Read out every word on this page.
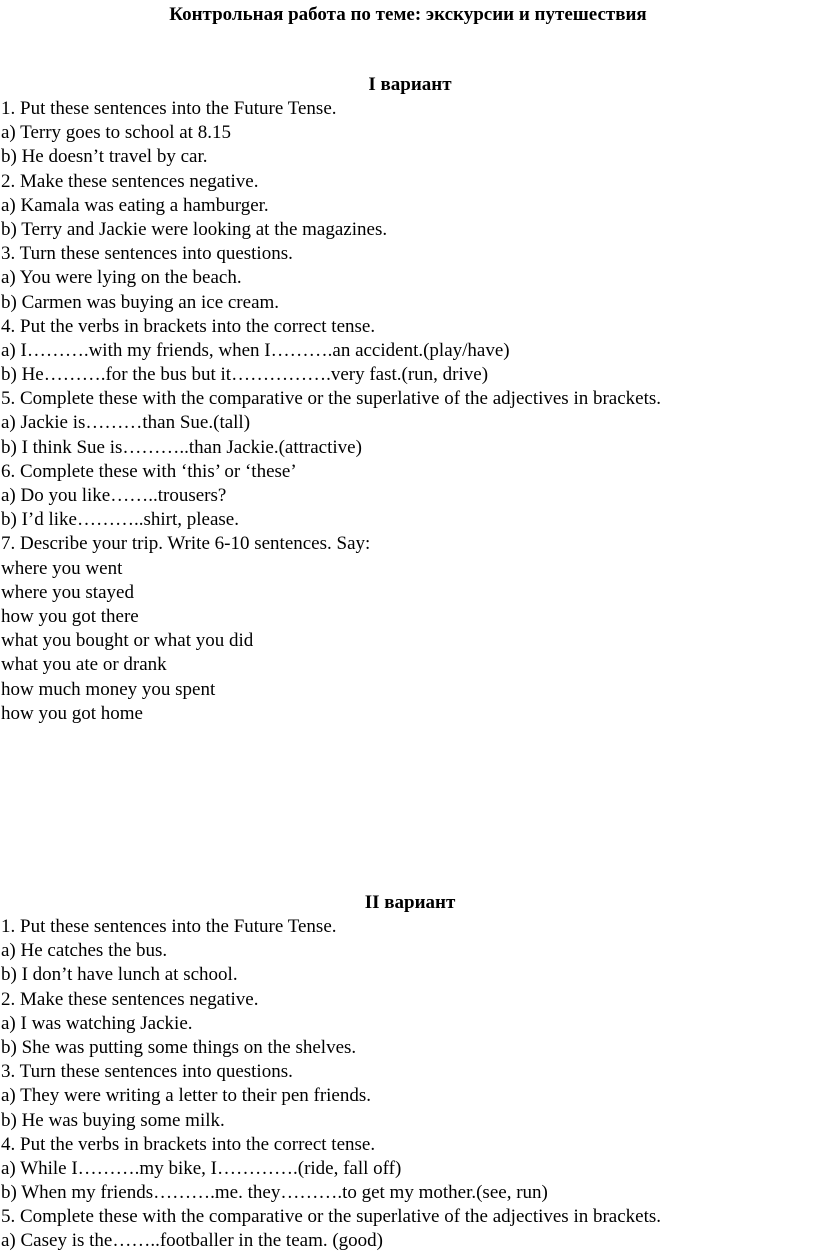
Контрольная работа по теме: экскурсии и путешествия
I вариант
1. Put these sentences into the Future Tense.
a) Terry goes to school at 8.15
b) He doesn’t travel by car.
2. Make these sentences negative.
a) Kamala was eating a hamburger.
b) Terry and Jackie were looking at the magazines.
3. Turn these sentences into questions.
a) You were lying on the beach.
b) Carmen was buying an ice cream.
4. Put the verbs in brackets into the correct tense.
a) I……….with my friends, when I……….an accident.(play/have)
b) He……….for the bus but it…………….very fast.(run, drive)
5. Complete these with the comparative or the superlative of the adjectives in brackets.
a) Jackie is………than Sue.(tall)
b) I think Sue is………..than Jackie.(attractive)
6. Complete these with ‘this’ or ‘these’
a) Do you like……..trousers?
b) I’d like………..shirt, please.
7. Describe your trip. Write 6-10 sentences. Say:
where you went
where you stayed
how you got there
what you bought or what you did
what you ate or drank
how much money you spent
how you got home
II вариант
1. Put these sentences into the Future Tense.
a) He catches the bus.
b) I don’t have lunch at school.
2. Make these sentences negative.
a) I was watching Jackie.
b) She was putting some things on the shelves.
3. Turn these sentences into questions.
a) They were writing a letter to their pen friends.
b) He was buying some milk.
4. Put the verbs in brackets into the correct tense.
a) While I……….my bike, I………….(ride, fall off)
b) When my friends……….me. they……….to get my mother.(see, run)
5. Complete these with the comparative or the superlative of the adjectives in brackets.
a) Casey is the……..footballer in the team. (good)
